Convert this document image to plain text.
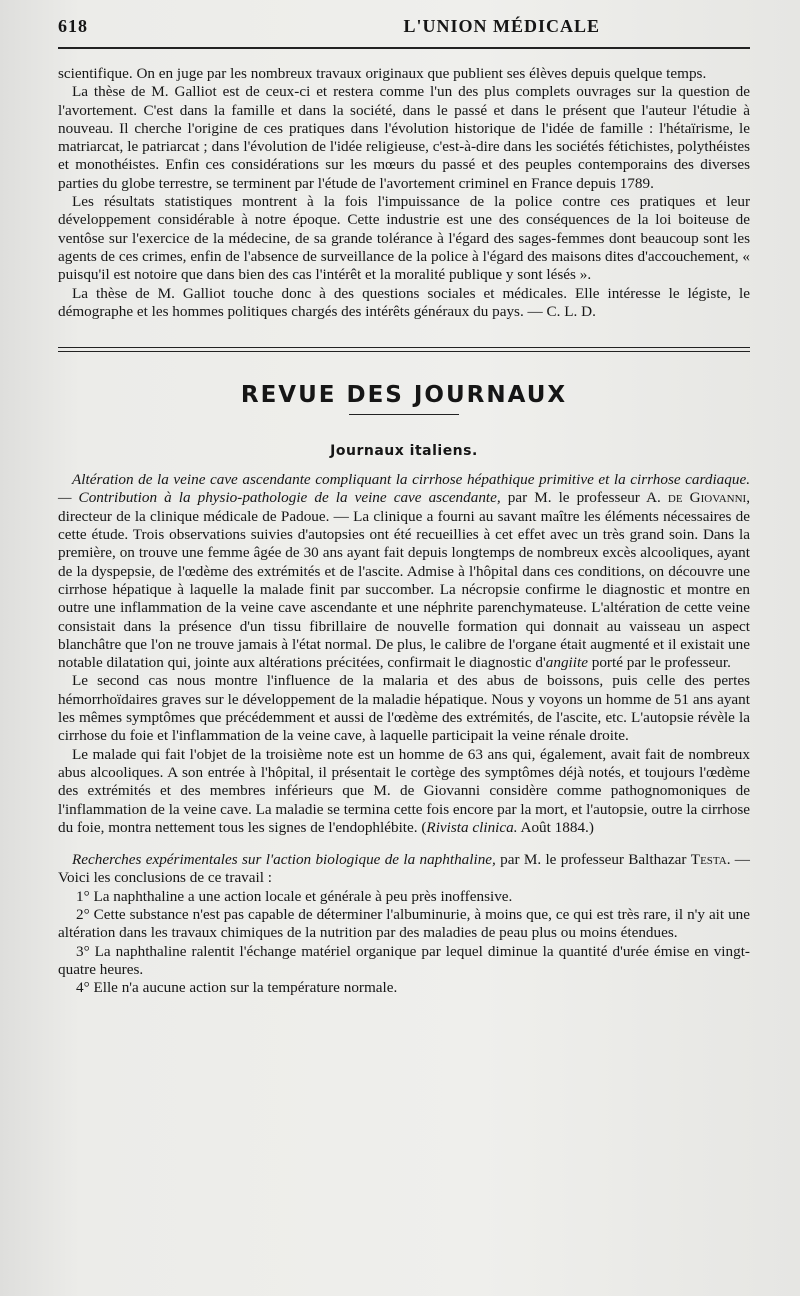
618	L'UNION MÉDICALE

scientifique. On en juge par les nombreux travaux originaux que publient ses élèves depuis quelque temps.

La thèse de M. Galliot est de ceux-ci et restera comme l'un des plus complets ouvrages sur la question de l'avortement. C'est dans la famille et dans la société, dans le passé et dans le présent que l'auteur l'étudie à nouveau. Il cherche l'origine de ces pratiques dans l'évolution historique de l'idée de famille : l'hétaïrisme, le matriarcat, le patriarcat ; dans l'évolution de l'idée religieuse, c'est-à-dire dans les sociétés fétichistes, polythéistes et monothéistes. Enfin ces considérations sur les mœurs du passé et des peuples contemporains des diverses parties du globe terrestre, se terminent par l'étude de l'avortement criminel en France depuis 1789.

Les résultats statistiques montrent à la fois l'impuissance de la police contre ces pratiques et leur développement considérable à notre époque. Cette industrie est une des conséquences de la loi boiteuse de ventôse sur l'exercice de la médecine, de sa grande tolérance à l'égard des sages-femmes dont beaucoup sont les agents de ces crimes, enfin de l'absence de surveillance de la police à l'égard des maisons dites d'accouchement, « puisqu'il est notoire que dans bien des cas l'intérêt et la moralité publique y sont lésés ».

La thèse de M. Galliot touche donc à des questions sociales et médicales. Elle intéresse le légiste, le démographe et les hommes politiques chargés des intérêts généraux du pays. — C. L. D.

REVUE DES JOURNAUX
Journaux italiens.

Altération de la veine cave ascendante compliquant la cirrhose hépathique primitive et la cirrhose cardiaque. — Contribution à la physio-pathologie de la veine cave ascendante, par M. le professeur A. de Giovanni, directeur de la clinique médicale de Padoue. — La clinique a fourni au savant maître les éléments nécessaires de cette étude. Trois observations suivies d'autopsies ont été recueillies à cet effet avec un très grand soin. Dans la première, on trouve une femme âgée de 30 ans ayant fait depuis longtemps de nombreux excès alcooliques, ayant de la dyspepsie, de l'œdème des extrémités et de l'ascite. Admise à l'hôpital dans ces conditions, on découvre une cirrhose hépatique à laquelle la malade finit par succomber. La nécropsie confirme le diagnostic et montre en outre une inflammation de la veine cave ascendante et une néphrite parenchymateuse. L'altération de cette veine consistait dans la présence d'un tissu fibrillaire de nouvelle formation qui donnait au vaisseau un aspect blanchâtre que l'on ne trouve jamais à l'état normal. De plus, le calibre de l'organe était augmenté et il existait une notable dilatation qui, jointe aux altérations précitées, confirmait le diagnostic d'angiite porté par le professeur.

Le second cas nous montre l'influence de la malaria et des abus de boissons, puis celle des pertes hémorrhoïdaires graves sur le développement de la maladie hépatique. Nous y voyons un homme de 51 ans ayant les mêmes symptômes que précédemment et aussi de l'œdème des extrémités, de l'ascite, etc. L'autopsie révèle la cirrhose du foie et l'inflammation de la veine cave, à laquelle participait la veine rénale droite.

Le malade qui fait l'objet de la troisième note est un homme de 63 ans qui, également, avait fait de nombreux abus alcooliques. A son entrée à l'hôpital, il présentait le cortège des symptômes déjà notés, et toujours l'œdème des extrémités et des membres inférieurs que M. de Giovanni considère comme pathognomoniques de l'inflammation de la veine cave. La maladie se termina cette fois encore par la mort, et l'autopsie, outre la cirrhose du foie, montra nettement tous les signes de l'endophlébite. (Rivista clinica. Août 1884.)

Recherches expérimentales sur l'action biologique de la naphthaline, par M. le professeur Balthazar Testa. — Voici les conclusions de ce travail :

1° La naphthaline a une action locale et générale à peu près inoffensive.

2° Cette substance n'est pas capable de déterminer l'albuminurie, à moins que, ce qui est très rare, il n'y ait une altération dans les travaux chimiques de la nutrition par des maladies de peau plus ou moins étendues.

3° La naphthaline ralentit l'échange matériel organique par lequel diminue la quantité d'urée émise en vingt-quatre heures.

4° Elle n'a aucune action sur la température normale.
